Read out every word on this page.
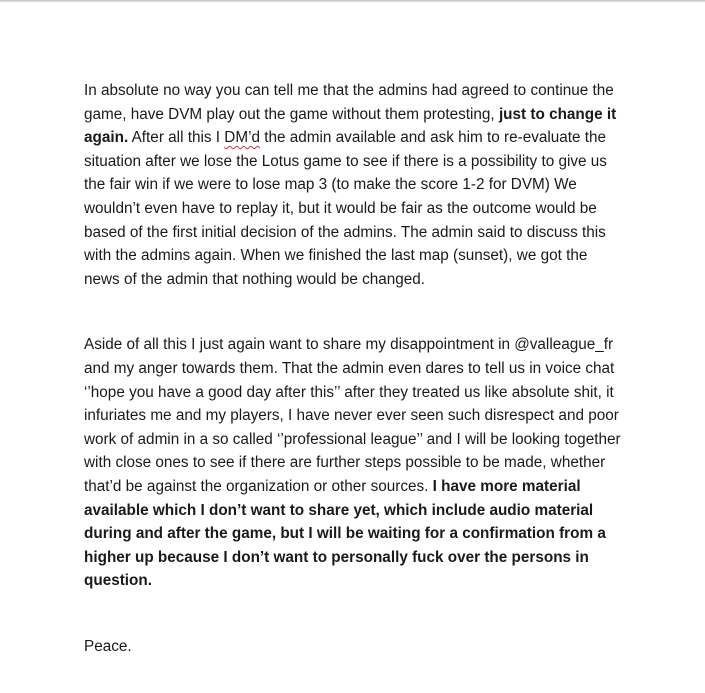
In absolute no way you can tell me that the admins had agreed to continue the game, have DVM play out the game without them protesting, just to change it again. After all this I DM’d the admin available and ask him to re-evaluate the situation after we lose the Lotus game to see if there is a possibility to give us the fair win if we were to lose map 3 (to make the score 1-2 for DVM) We wouldn’t even have to replay it, but it would be fair as the outcome would be based of the first initial decision of the admins. The admin said to discuss this with the admins again. When we finished the last map (sunset), we got the news of the admin that nothing would be changed.

Aside of all this I just again want to share my disappointment in @valleague_fr and my anger towards them. That the admin even dares to tell us in voice chat ‘’hope you have a good day after this’’ after they treated us like absolute shit, it infuriates me and my players, I have never ever seen such disrespect and poor work of admin in a so called ‘’professional league’’ and I will be looking together with close ones to see if there are further steps possible to be made, whether that’d be against the organization or other sources. I have more material available which I don’t want to share yet, which include audio material during and after the game, but I will be waiting for a confirmation from a higher up because I don’t want to personally fuck over the persons in question.

Peace.
